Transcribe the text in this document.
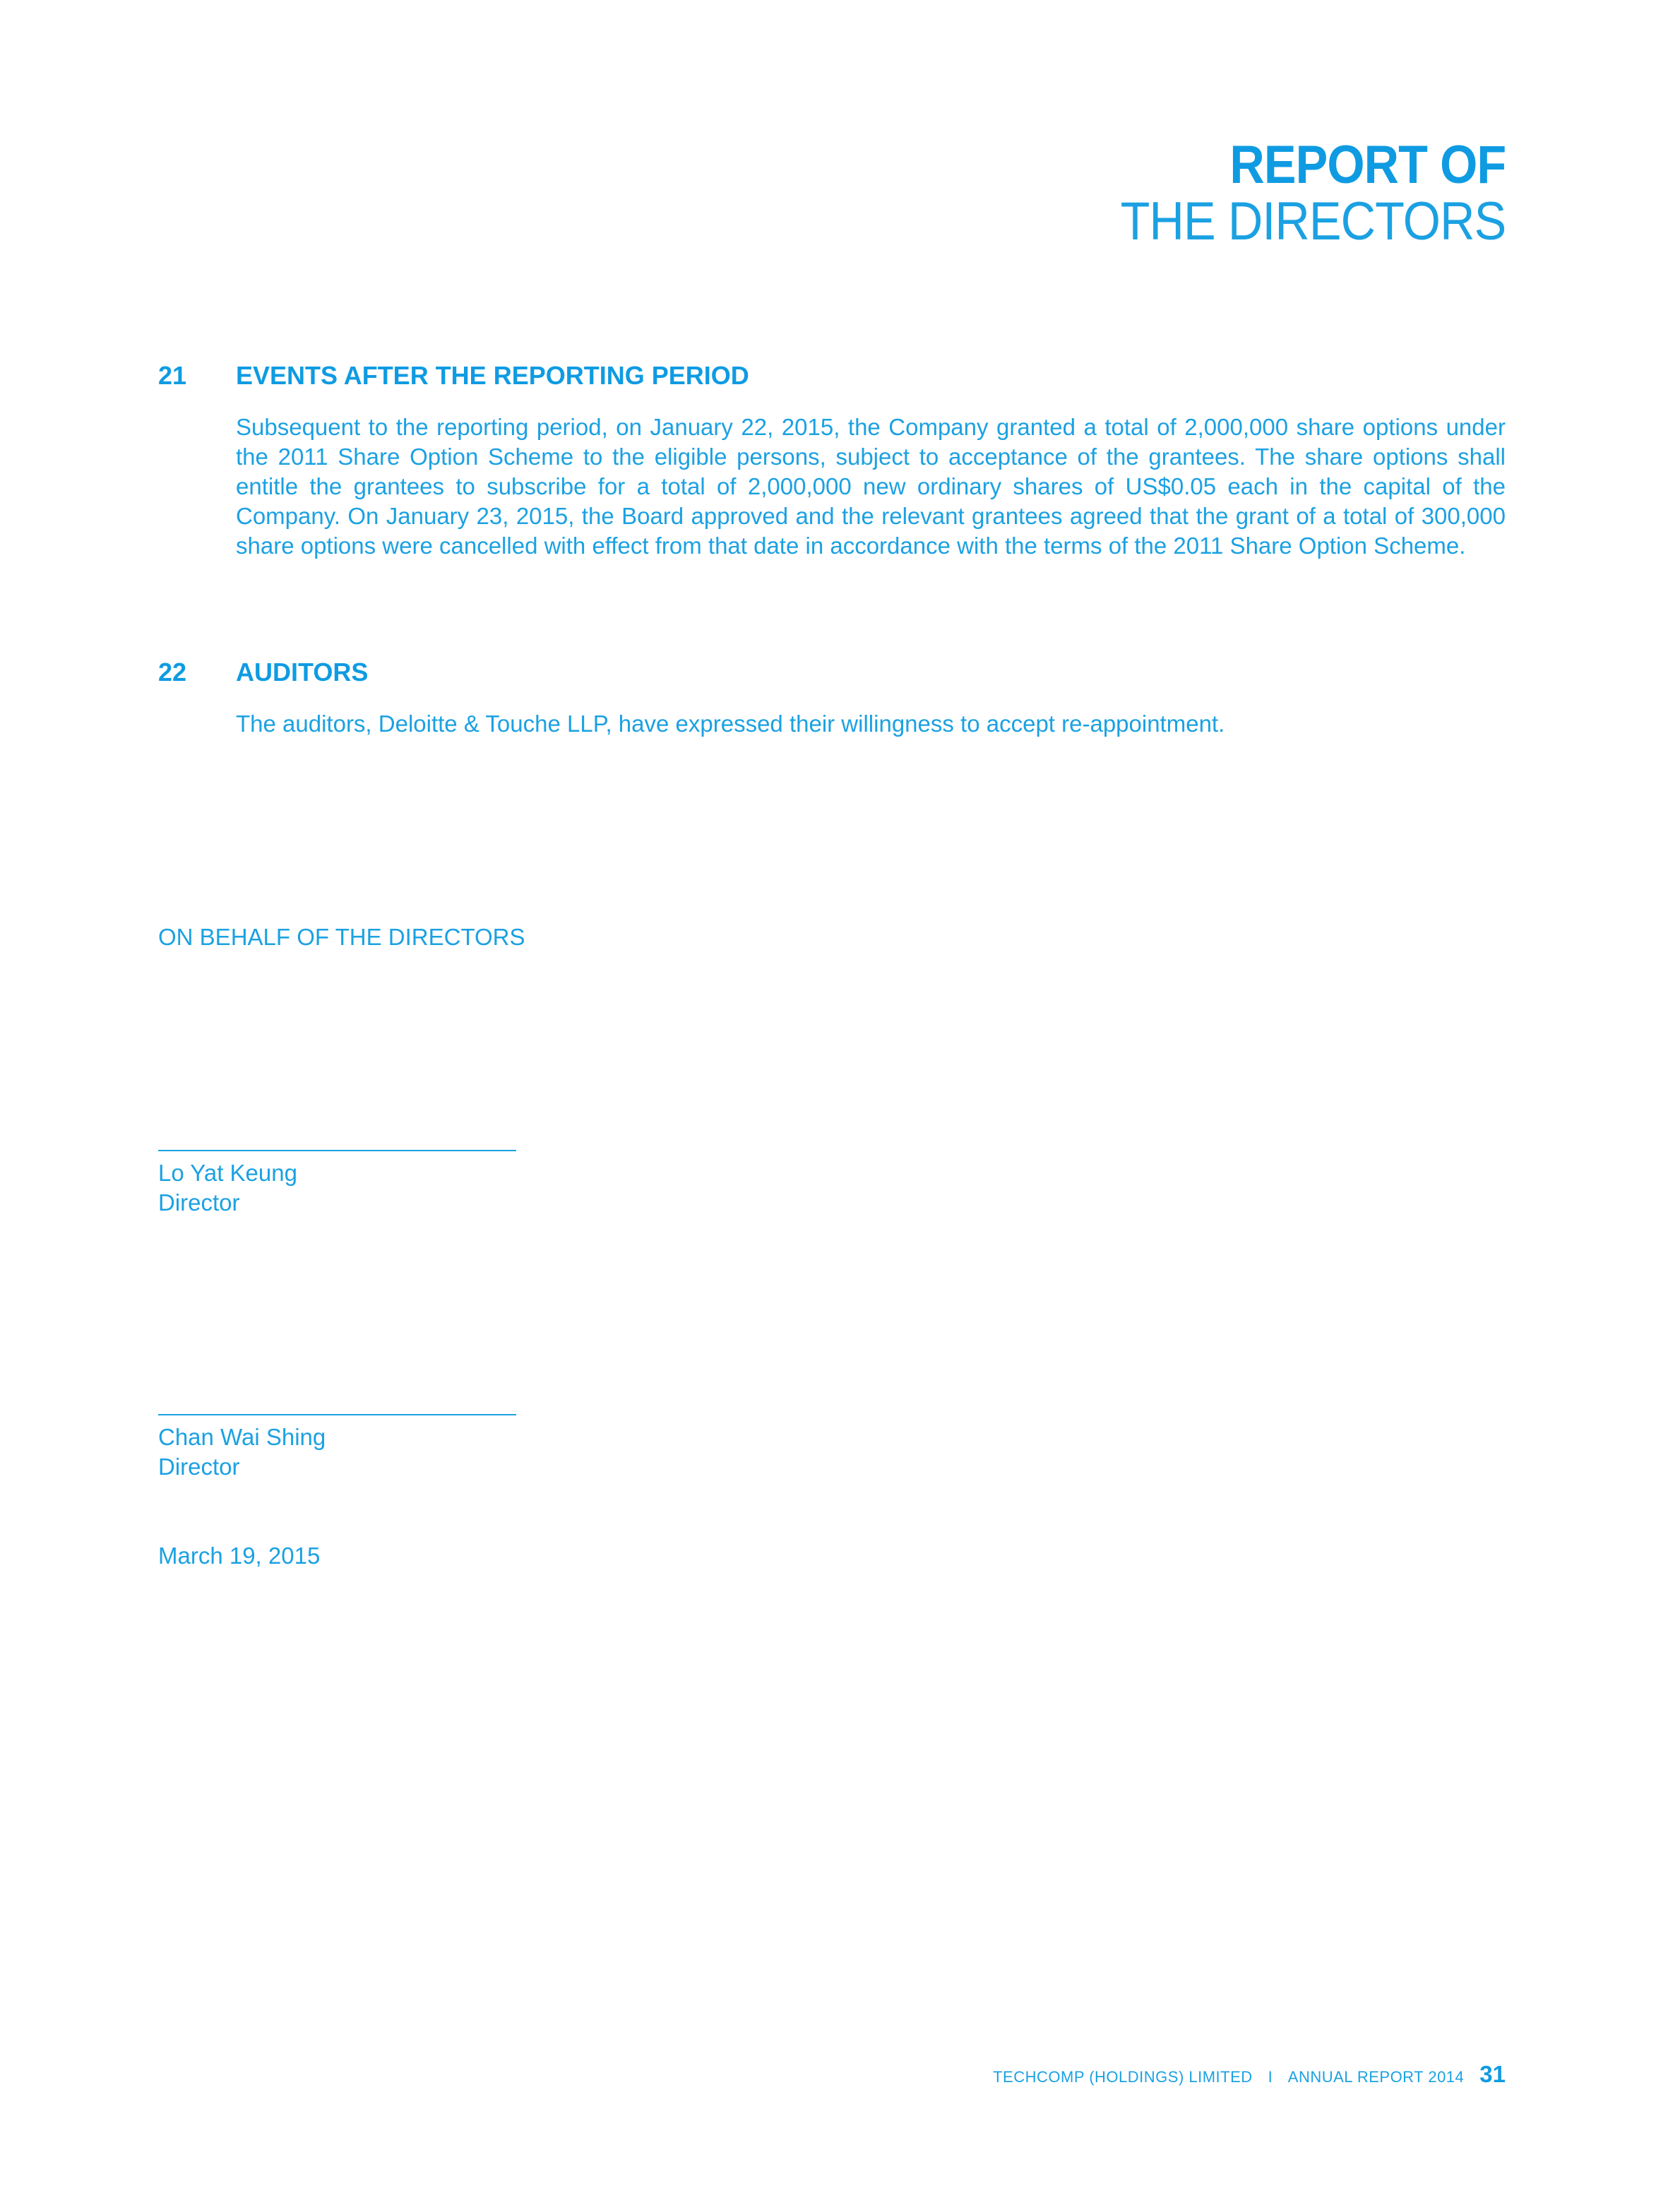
REPORT OF
THE DIRECTORS
21	EVENTS AFTER THE REPORTING PERIOD
Subsequent to the reporting period, on January 22, 2015, the Company granted a total of 2,000,000 share options under the 2011 Share Option Scheme to the eligible persons, subject to acceptance of the grantees. The share options shall entitle the grantees to subscribe for a total of 2,000,000 new ordinary shares of US$0.05 each in the capital of the Company. On January 23, 2015, the Board approved and the relevant grantees agreed that the grant of a total of 300,000 share options were cancelled with effect from that date in accordance with the terms of the 2011 Share Option Scheme.
22	AUDITORS
The auditors, Deloitte & Touche LLP, have expressed their willingness to accept re-appointment.
ON BEHALF OF THE DIRECTORS
Lo Yat Keung
Director
Chan Wai Shing
Director
March 19, 2015
TECHCOMP (HOLDINGS) LIMITED I ANNUAL REPORT 2014 31
